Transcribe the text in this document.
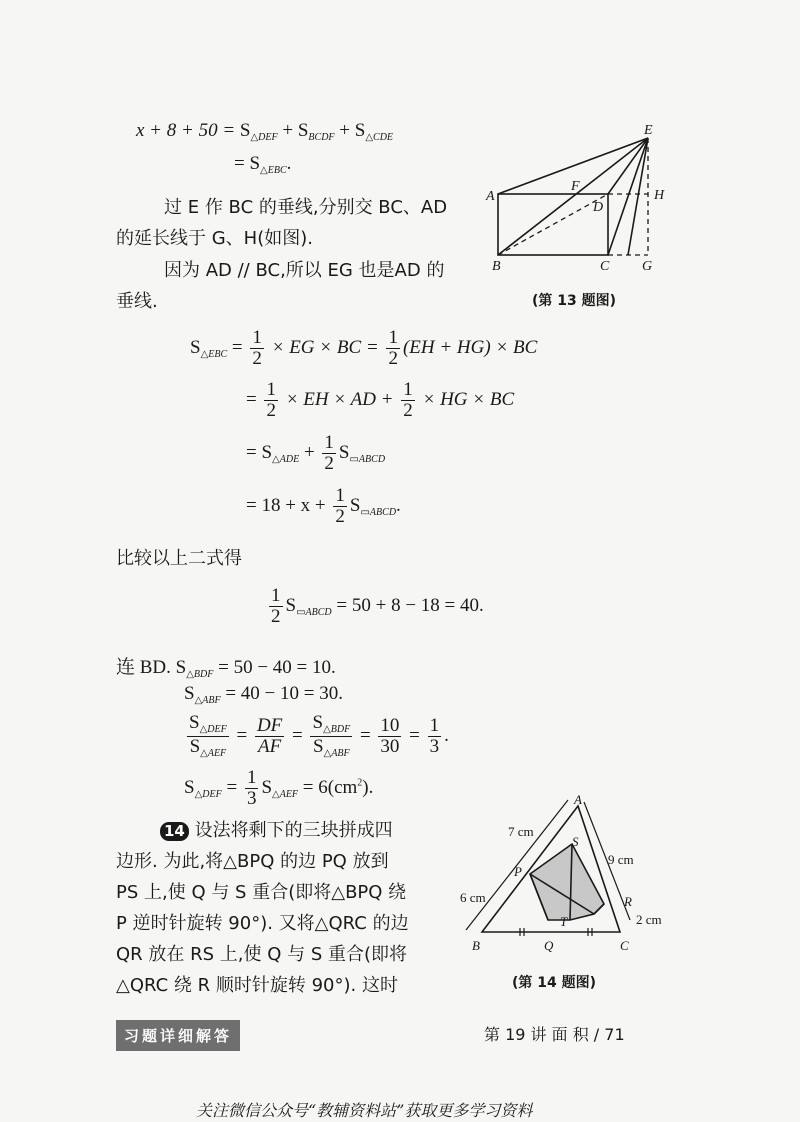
$x + 8 + 50 = S_{\triangle DEF} + S_{BCDF} + S_{\triangle CDE}$
= $S_{\triangle EBC}$.
过 E 作 BC 的垂线,分别交 BC、AD
的延长线于 G、H(如图).
因为 AD // BC,所以 EG 也是AD 的
垂线.
E
A
F
D
H
B	C G
(第 13 题图)
$S_{\triangle EBC} = \frac{1}{2}$ × EG × BC = $\frac{1}{2} (EH + HG)$ × BC
= $\frac{1}{2}$ × EH × AD + $\frac{1}{2}$ × HG × BC
= $S_{\triangle ADE} + \frac{1}{2} S_{▭ABCD}$
= $18 + x + \frac{1}{2} S_{▭ABCD}$.
比较以上二式得
$\frac{1}{2} S_{▭ABCD} = 50 + 8 - 18 = 40$.
连 BD. $S_{\triangle BDF} = 50 - 40 = 10$.
$S_{\triangle ABF} = 40 - 10 = 30$.
$\frac{S_{\triangle DEF}}{S_{\triangle AEF}} = \frac{DF}{AF} = \frac{S_{\triangle BDF}}{S_{\triangle ABF}} = \frac{10}{30} = \frac{1}{3}$ .
$S_{\triangle DEF} = \frac{1}{3} S_{\triangle AEF} = 6(cm^2)$.
14 设法将剩下的三块拼成四
边形. 为此,将△BPQ 的边 PQ 放到
PS 上,使 Q 与 S 重合(即将△BPQ 绕
P 逆时针旋转 90°). 又将△QRC 的边
QR 放在 RS 上,使 Q 与 S 重合(即将
△QRC 绕 R 顺时针旋转 90°). 这时
A
7 cm
S
9 cm
P
6 cm	R
2 cm
T
B	Q	C
(第 14 题图)
习题详细解答	第 19 讲 面 积 / 71
关注微信公众号“教辅资料站”获取更多学习资料
